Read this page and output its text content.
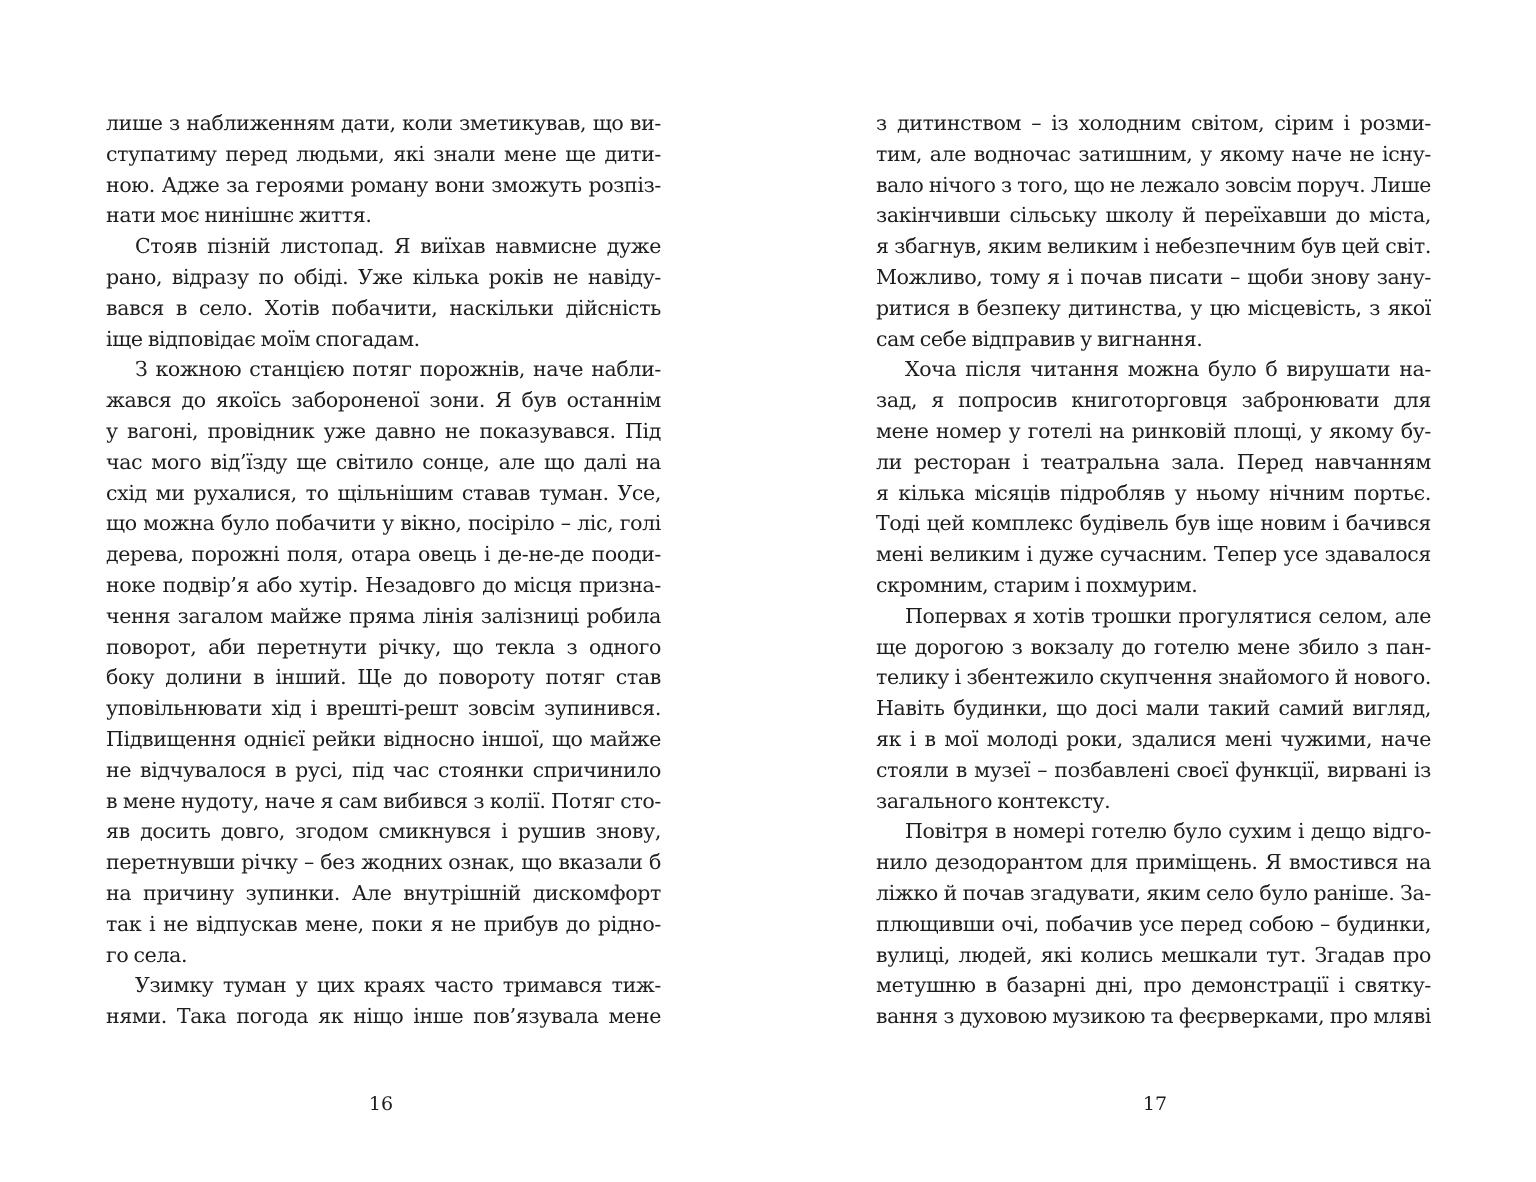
лише з наближенням дати, коли зметикував, що ви-
ступатиму перед людьми, які знали мене ще дити-
ною. Адже за героями роману вони зможуть розпіз-
нати моє нинішнє життя.
Стояв пізній листопад. Я виїхав навмисне дуже
рано, відразу по обіді. Уже кілька років не навіду-
вався в село. Хотів побачити, наскільки дійсність
іще відповідає моїм спогадам.
З кожною станцією потяг порожнів, наче набли-
жався до якоїсь забороненої зони. Я був останнім
у вагоні, провідник уже давно не показувався. Під
час мого від’їзду ще світило сонце, але що далі на
схід ми рухалися, то щільнішим ставав туман. Усе,
що можна було побачити у вікно, посіріло – ліс, голі
дерева, порожні поля, отара овець і де-не-де пооди-
ноке подвір’я або хутір. Незадовго до місця призна-
чення загалом майже пряма лінія залізниці робила
поворот, аби перетнути річку, що текла з одного
боку долини в інший. Ще до повороту потяг став
уповільнювати хід і врешті-решт зовсім зупинився.
Підвищення однієї рейки відносно іншої, що майже
не відчувалося в русі, під час стоянки спричинило
в мене нудоту, наче я сам вибився з колії. Потяг сто-
яв досить довго, згодом смикнувся і рушив знову,
перетнувши річку – без жодних ознак, що вказали б
на причину зупинки. Але внутрішній дискомфорт
так і не відпускав мене, поки я не прибув до рідно-
го села.
Узимку туман у цих краях часто тримався тиж-
нями. Така погода як ніщо інше пов’язувала мене
з дитинством – із холодним світом, сірим і розми-
тим, але водночас затишним, у якому наче не існу-
вало нічого з того, що не лежало зовсім поруч. Лише
закінчивши сільську школу й переїхавши до міста,
я збагнув, яким великим і небезпечним був цей світ.
Можливо, тому я і почав писати – щоби знову зану-
ритися в безпеку дитинства, у цю місцевість, з якої
сам себе відправив у вигнання.
Хоча після читання можна було б вирушати на-
зад, я попросив книготорговця забронювати для
мене номер у готелі на ринковій площі, у якому бу-
ли ресторан і театральна зала. Перед навчанням
я кілька місяців підробляв у ньому нічним портьє.
Тоді цей комплекс будівель був іще новим і бачився
мені великим і дуже сучасним. Тепер усе здавалося
скромним, старим і похмурим.
Попервах я хотів трошки прогулятися селом, але
ще дорогою з вокзалу до готелю мене збило з пан-
телику і збентежило скупчення знайомого й нового.
Навіть будинки, що досі мали такий самий вигляд,
як і в мої молоді роки, здалися мені чужими, наче
стояли в музеї – позбавлені своєї функції, вирвані із
загального контексту.
Повітря в номері готелю було сухим і дещо відго-
нило дезодорантом для приміщень. Я вмостився на
ліжко й почав згадувати, яким село було раніше. За-
плющивши очі, побачив усе перед собою – будинки,
вулиці, людей, які колись мешкали тут. Згадав про
метушню в базарні дні, про демонстрації і святку-
вання з духовою музикою та феєрверками, про млявi
16	17
